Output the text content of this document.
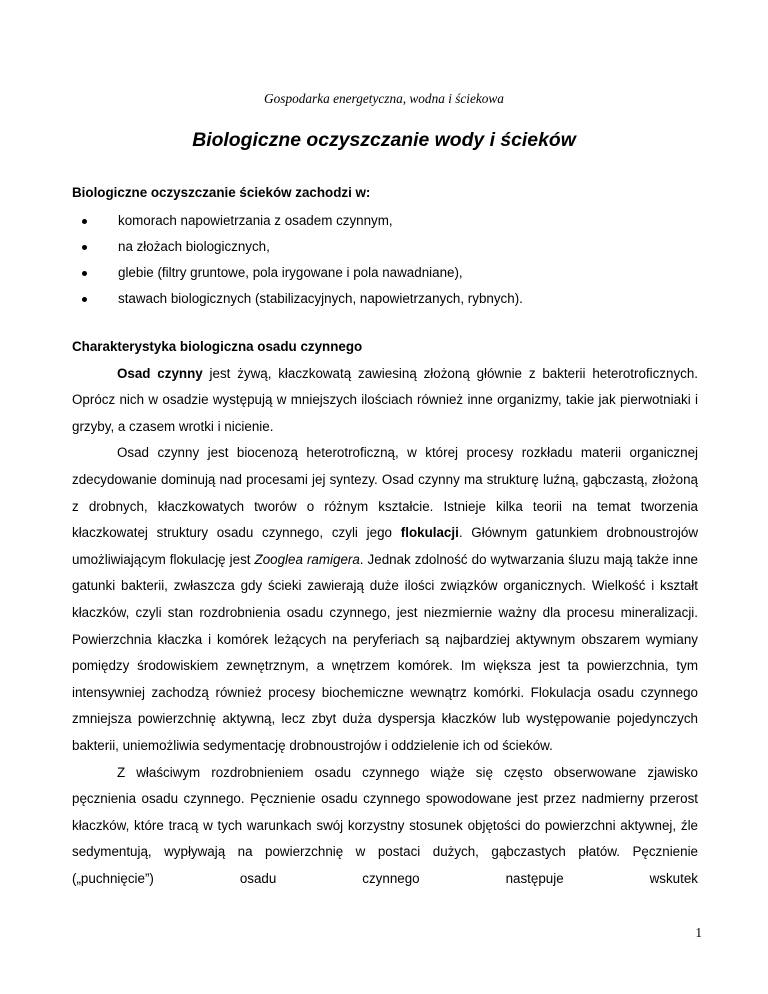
Gospodarka energetyczna, wodna i ściekowa
Biologiczne oczyszczanie wody i ścieków

Biologiczne oczyszczanie ścieków zachodzi w:

komorach napowietrzania z osadem czynnym,
na złożach biologicznych,
glebie (filtry gruntowe, pola irygowane i pola nawadniane),
stawach biologicznych (stabilizacyjnych, napowietrzanych, rybnych).

Charakterystyka biologiczna osadu czynnego

Osad czynny jest żywą, kłaczkowatą zawiesiną złożoną głównie z bakterii heterotroficznych. Oprócz nich w osadzie występują w mniejszych ilościach również inne organizmy, takie jak pierwotniaki i grzyby, a czasem wrotki i nicienie.

Osad czynny jest biocenozą heterotroficzną, w której procesy rozkładu materii organicznej zdecydowanie dominują nad procesami jej syntezy. Osad czynny ma strukturę luźną, gąbczastą, złożoną z drobnych, kłaczkowatych tworów o różnym kształcie. Istnieje kilka teorii na temat tworzenia kłaczkowatej struktury osadu czynnego, czyli jego flokulacji. Głównym gatunkiem drobnoustrojów umożliwiającym flokulację jest Zooglea ramigera. Jednak zdolność do wytwarzania śluzu mają także inne gatunki bakterii, zwłaszcza gdy ścieki zawierają duże ilości związków organicznych. Wielkość i kształt kłaczków, czyli stan rozdrobnienia osadu czynnego, jest niezmiernie ważny dla procesu mineralizacji. Powierzchnia kłaczka i komórek leżących na peryferiach są najbardziej aktywnym obszarem wymiany pomiędzy środowiskiem zewnętrznym, a wnętrzem komórek. Im większa jest ta powierzchnia, tym intensywniej zachodzą również procesy biochemiczne wewnątrz komórki. Flokulacja osadu czynnego zmniejsza powierzchnię aktywną, lecz zbyt duża dyspersja kłaczków lub występowanie pojedynczych bakterii, uniemożliwia sedymentację drobnoustrojów i oddzielenie ich od ścieków.

Z właściwym rozdrobnieniem osadu czynnego wiąże się często obserwowane zjawisko pęcznienia osadu czynnego. Pęcznienie osadu czynnego spowodowane jest przez nadmierny przerost kłaczków, które tracą w tych warunkach swój korzystny stosunek objętości do powierzchni aktywnej, źle sedymentują, wypływają na powierzchnię w postaci dużych, gąbczastych płatów. Pęcznienie („puchnięcie”) osadu czynnego następuje wskutek

1
